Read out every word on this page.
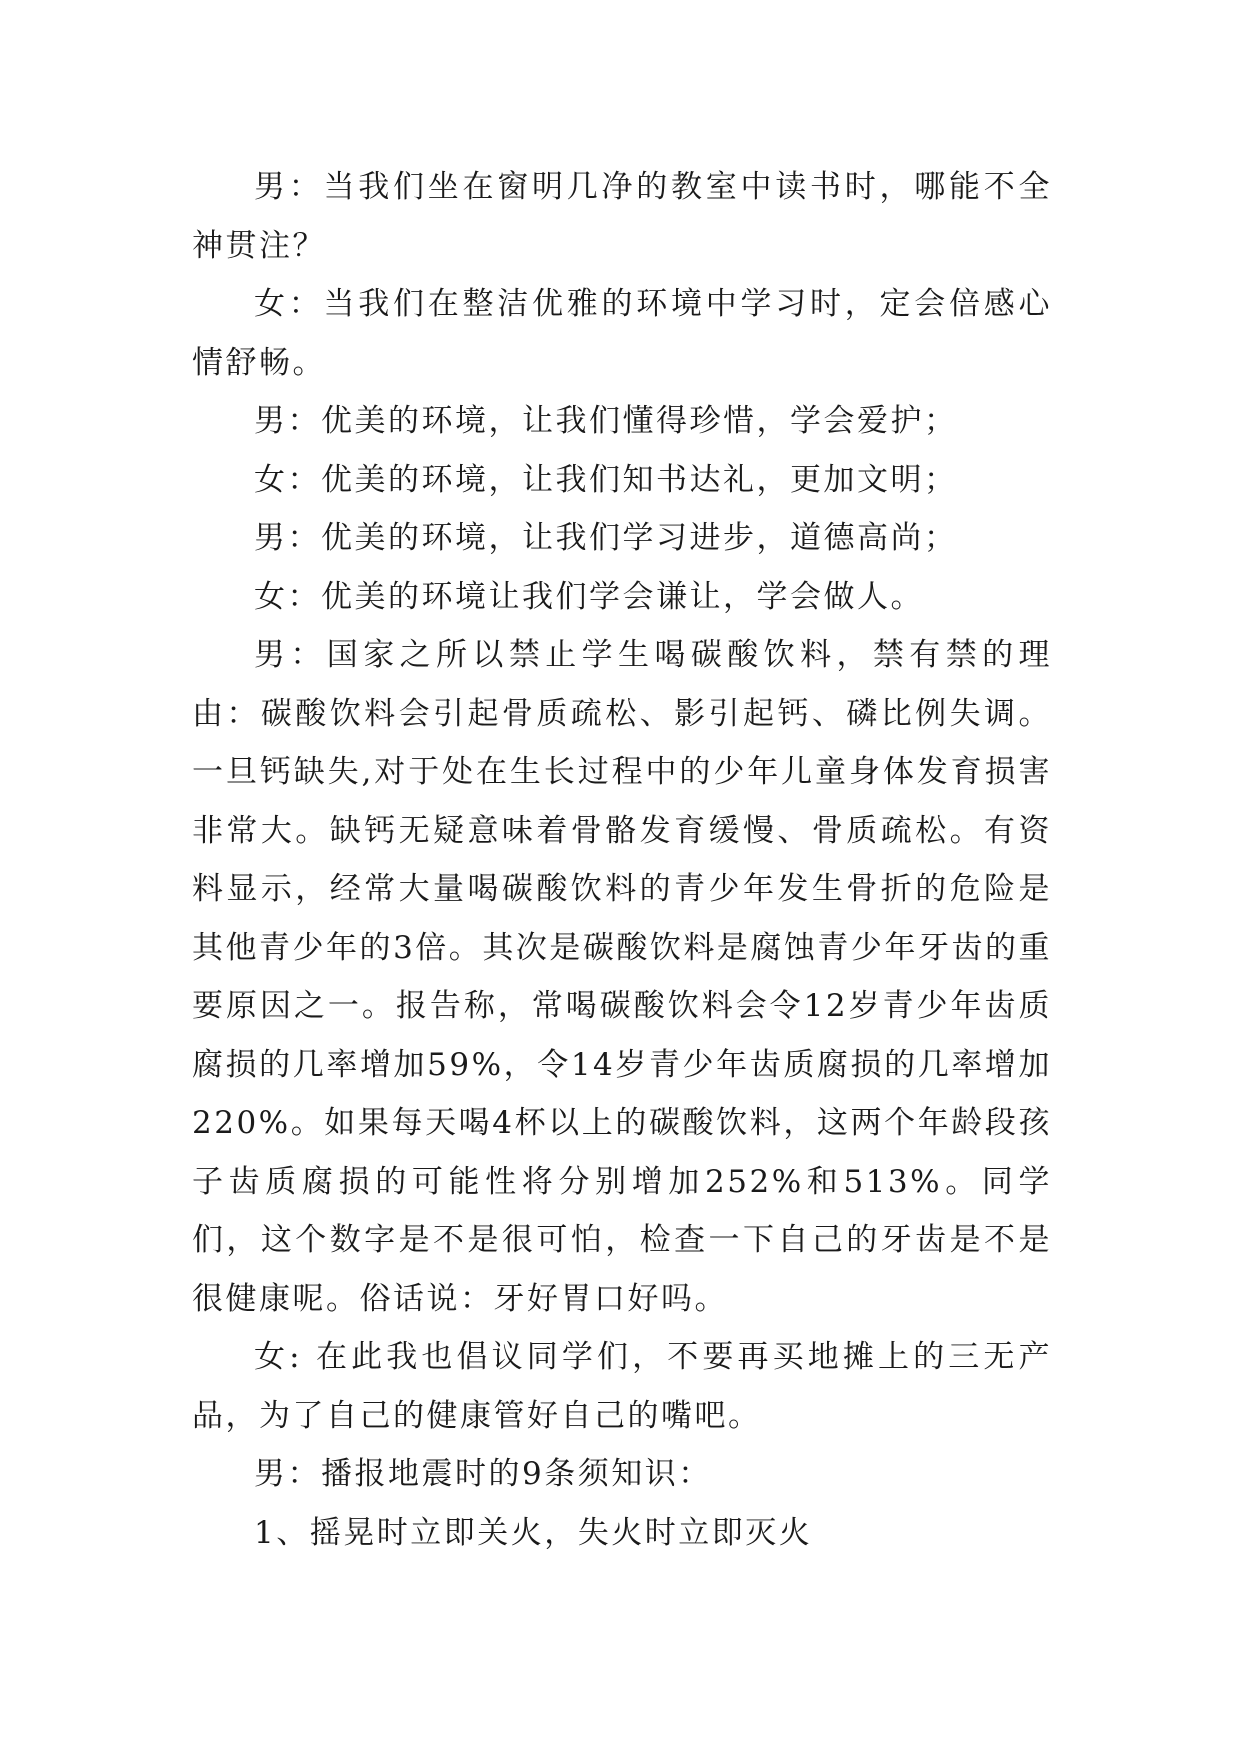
男：当我们坐在窗明几净的教室中读书时，哪能不全神贯注？

女：当我们在整洁优雅的环境中学习时，定会倍感心情舒畅。

男：优美的环境，让我们懂得珍惜，学会爱护；

女：优美的环境，让我们知书达礼，更加文明；

男：优美的环境，让我们学习进步，道德高尚；

女：优美的环境让我们学会谦让，学会做人。

男：国家之所以禁止学生喝碳酸饮料，禁有禁的理由：碳酸饮料会引起骨质疏松、影引起钙、磷比例失调。一旦钙缺失,对于处在生长过程中的少年儿童身体发育损害非常大。缺钙无疑意味着骨骼发育缓慢、骨质疏松。有资料显示，经常大量喝碳酸饮料的青少年发生骨折的危险是其他青少年的3倍。其次是碳酸饮料是腐蚀青少年牙齿的重要原因之一。报告称，常喝碳酸饮料会令12岁青少年齿质腐损的几率增加59%，令14岁青少年齿质腐损的几率增加220%。如果每天喝4杯以上的碳酸饮料，这两个年龄段孩子齿质腐损的可能性将分别增加252%和513%。同学们，这个数字是不是很可怕，检查一下自己的牙齿是不是很健康呢。俗话说：牙好胃口好吗。

女: 在此我也倡议同学们，不要再买地摊上的三无产品，为了自己的健康管好自己的嘴吧。

男：播报地震时的9条须知识：

1、摇晃时立即关火，失火时立即灭火
